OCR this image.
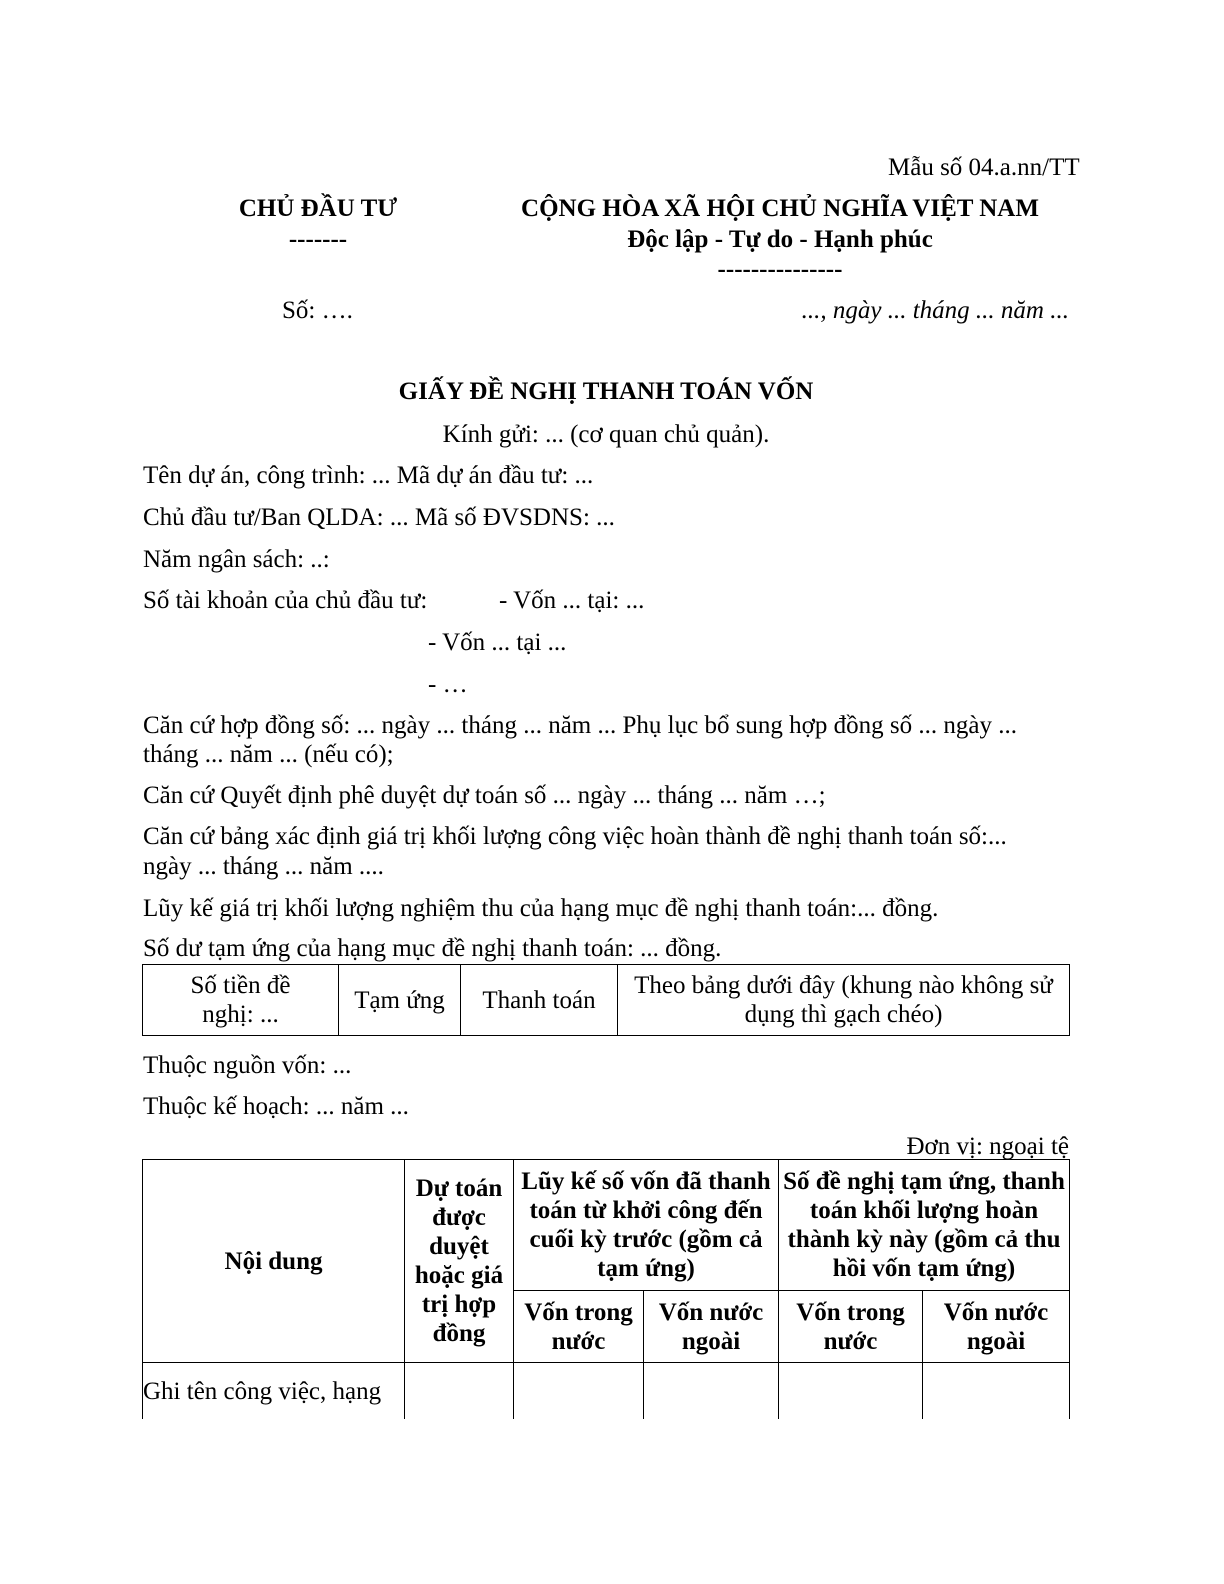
Mẫu số 04.a.nn/TT
CHỦ ĐẦU TƯ
-------
CỘNG HÒA XÃ HỘI CHỦ NGHĨA VIỆT NAM
Độc lập - Tự do - Hạnh phúc
---------------
Số: ….	..., ngày ... tháng ... năm ...
GIẤY ĐỀ NGHỊ THANH TOÁN VỐN
Kính gửi: ... (cơ quan chủ quản).
Tên dự án, công trình: ... Mã dự án đầu tư: ...
Chủ đầu tư/Ban QLDA: ... Mã số ĐVSDNS: ...
Năm ngân sách: ..:
Số tài khoản của chủ đầu tư:	- Vốn ... tại: ...
- Vốn ... tại ...
- …
Căn cứ hợp đồng số: ... ngày ... tháng ... năm ... Phụ lục bổ sung hợp đồng số ... ngày ...
tháng ... năm ... (nếu có);
Căn cứ Quyết định phê duyệt dự toán số ... ngày ... tháng ... năm …;
Căn cứ bảng xác định giá trị khối lượng công việc hoàn thành đề nghị thanh toán số:...
ngày ... tháng ... năm ....
Lũy kế giá trị khối lượng nghiệm thu của hạng mục đề nghị thanh toán:... đồng.
Số dư tạm ứng của hạng mục đề nghị thanh toán: ... đồng.
Số tiền đề nghị: ...	Tạm ứng	Thanh toán	Theo bảng dưới đây (khung nào không sử dụng thì gạch chéo)
Thuộc nguồn vốn: ...
Thuộc kế hoạch: ... năm ...
Đơn vị: ngoại tệ
Nội dung	Dự toán được duyệt hoặc giá trị hợp đồng	Lũy kế số vốn đã thanh toán từ khởi công đến cuối kỳ trước (gồm cả tạm ứng)		Số đề nghị tạm ứng, thanh toán khối lượng hoàn thành kỳ này (gồm cả thu hồi vốn tạm ứng)	
		Vốn trong nước	Vốn nước ngoài	Vốn trong nước	Vốn nước ngoài
Ghi tên công việc, hạng					
